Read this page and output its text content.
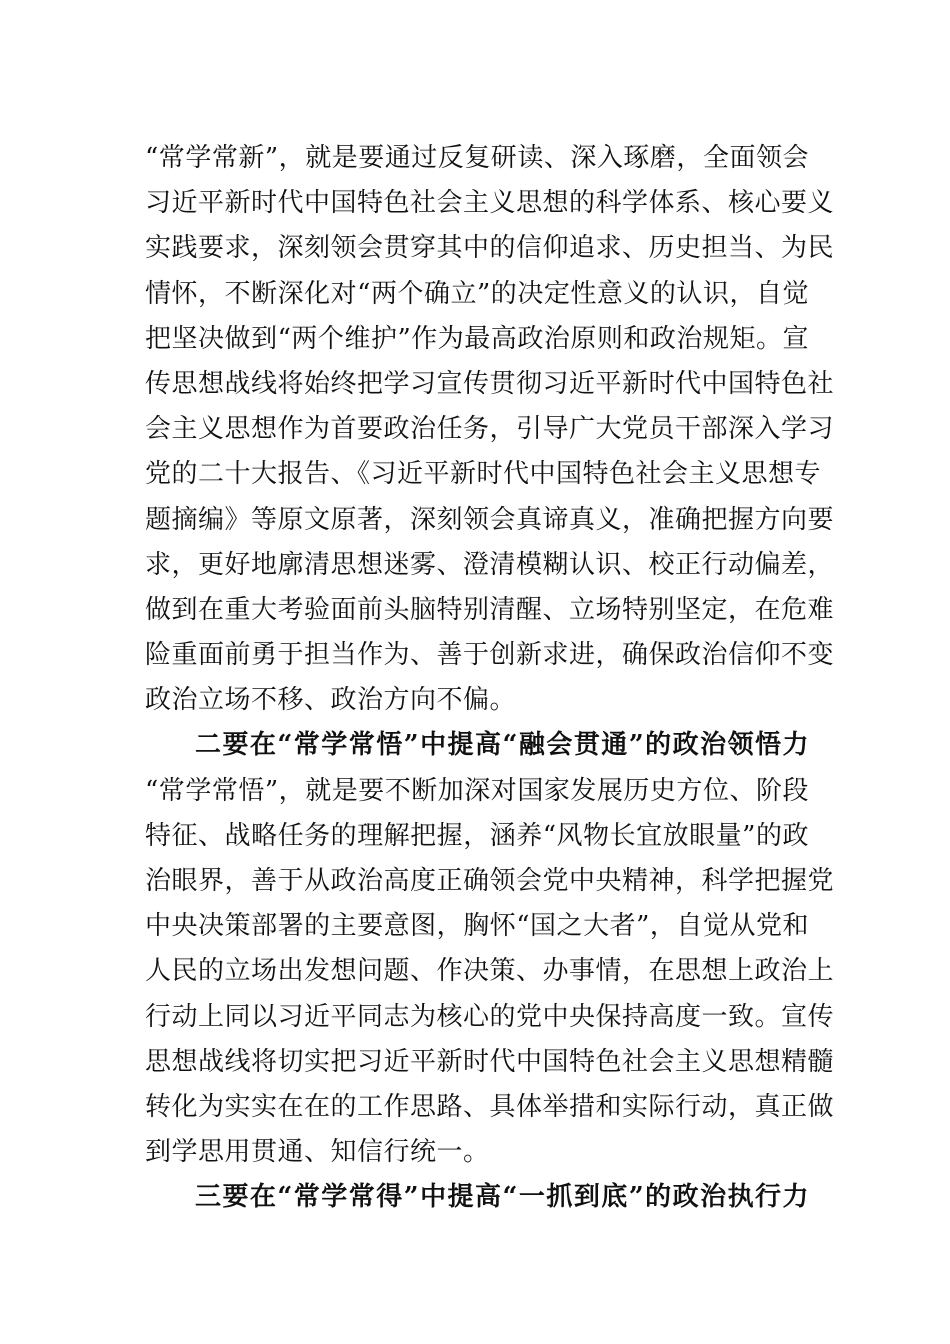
“常学常新”，就是要通过反复研读、深入琢磨，全面领会
习近平新时代中国特色社会主义思想的科学体系、核心要义
实践要求，深刻领会贯穿其中的信仰追求、历史担当、为民
情怀，不断深化对“两个确立”的决定性意义的认识，自觉
把坚决做到“两个维护”作为最高政治原则和政治规矩。宣
传思想战线将始终把学习宣传贯彻习近平新时代中国特色社
会主义思想作为首要政治任务，引导广大党员干部深入学习
党的二十大报告、《习近平新时代中国特色社会主义思想专
题摘编》等原文原著，深刻领会真谛真义，准确把握方向要
求，更好地廓清思想迷雾、澄清模糊认识、校正行动偏差，
做到在重大考验面前头脑特别清醒、立场特别坚定，在危难
险重面前勇于担当作为、善于创新求进，确保政治信仰不变
政治立场不移、政治方向不偏。
二要在“常学常悟”中提高“融会贯通”的政治领悟力
“常学常悟”，就是要不断加深对国家发展历史方位、阶段
特征、战略任务的理解把握，涵养“风物长宜放眼量”的政
治眼界，善于从政治高度正确领会党中央精神，科学把握党
中央决策部署的主要意图，胸怀“国之大者”，自觉从党和
人民的立场出发想问题、作决策、办事情，在思想上政治上
行动上同以习近平同志为核心的党中央保持高度一致。宣传
思想战线将切实把习近平新时代中国特色社会主义思想精髓
转化为实实在在的工作思路、具体举措和实际行动，真正做
到学思用贯通、知信行统一。
三要在“常学常得”中提高“一抓到底”的政治执行力
